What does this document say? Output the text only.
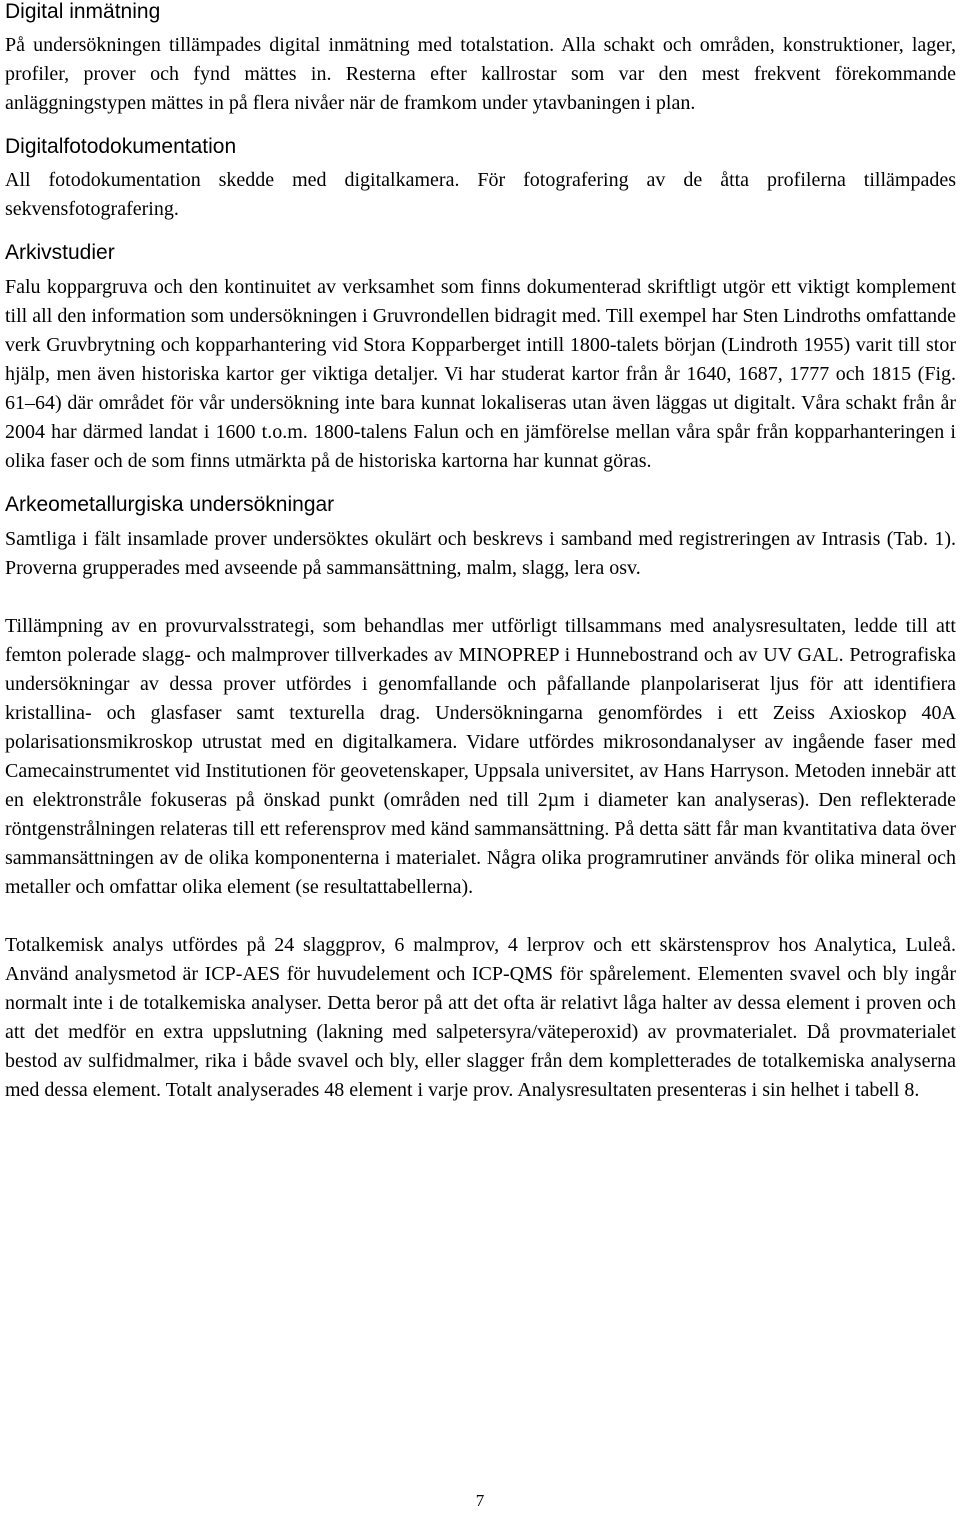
Digital inmätning

På undersökningen tillämpades digital inmätning med totalstation. Alla schakt och områden, konstruktioner, lager, profiler, prover och fynd mättes in. Resterna efter kallrostar som var den mest frekvent förekommande anläggningstypen mättes in på flera nivåer när de framkom under ytavbaningen i plan.

Digitalfotodokumentation

All fotodokumentation skedde med digitalkamera. För fotografering av de åtta profilerna tillämpades sekvensfotografering.

Arkivstudier

Falu koppargruva och den kontinuitet av verksamhet som finns dokumenterad skriftligt utgör ett viktigt komplement till all den information som undersökningen i Gruvrondellen bidragit med. Till exempel har Sten Lindroths omfattande verk Gruvbrytning och kopparhantering vid Stora Kopparberget intill 1800-talets början (Lindroth 1955) varit till stor hjälp, men även historiska kartor ger viktiga detaljer. Vi har studerat kartor från år 1640, 1687, 1777 och 1815 (Fig. 61–64) där området för vår undersökning inte bara kunnat lokaliseras utan även läggas ut digitalt. Våra schakt från år 2004 har därmed landat i 1600 t.o.m. 1800-talens Falun och en jämförelse mellan våra spår från kopparhanteringen i olika faser och de som finns utmärkta på de historiska kartorna har kunnat göras.

Arkeometallurgiska undersökningar

Samtliga i fält insamlade prover undersöktes okulärt och beskrevs i samband med registreringen av Intrasis (Tab. 1). Proverna grupperades med avseende på sammansättning, malm, slagg, lera osv.

Tillämpning av en provurvalsstrategi, som behandlas mer utförligt tillsammans med analysresultaten, ledde till att femton polerade slagg- och malmprover tillverkades av MINOPREP i Hunnebostrand och av UV GAL. Petrografiska undersökningar av dessa prover utfördes i genomfallande och påfallande planpolariserat ljus för att identifiera kristallina- och glasfaser samt texturella drag. Undersökningarna genomfördes i ett Zeiss Axioskop 40A polarisationsmikroskop utrustat med en digitalkamera. Vidare utfördes mikrosondanalyser av ingående faser med Camecainstrumentet vid Institutionen för geovetenskaper, Uppsala universitet, av Hans Harryson. Metoden innebär att en elektronstråle fokuseras på önskad punkt (områden ned till 2µm i diameter kan analyseras). Den reflekterade röntgenstrålningen relateras till ett referensprov med känd sammansättning. På detta sätt får man kvantitativa data över sammansättningen av de olika komponenterna i materialet. Några olika programrutiner används för olika mineral och metaller och omfattar olika element (se resultattabellerna).

Totalkemisk analys utfördes på 24 slaggprov, 6 malmprov, 4 lerprov och ett skärstensprov hos Analytica, Luleå. Använd analysmetod är ICP-AES för huvudelement och ICP-QMS för spårelement. Elementen svavel och bly ingår normalt inte i de totalkemiska analyser. Detta beror på att det ofta är relativt låga halter av dessa element i proven och att det medför en extra uppslutning (lakning med salpetersyra/väteperoxid) av provmaterialet. Då provmaterialet bestod av sulfidmalmer, rika i både svavel och bly, eller slagger från dem kompletterades de totalkemiska analyserna med dessa element. Totalt analyserades 48 element i varje prov. Analysresultaten presenteras i sin helhet i tabell 8.

7
